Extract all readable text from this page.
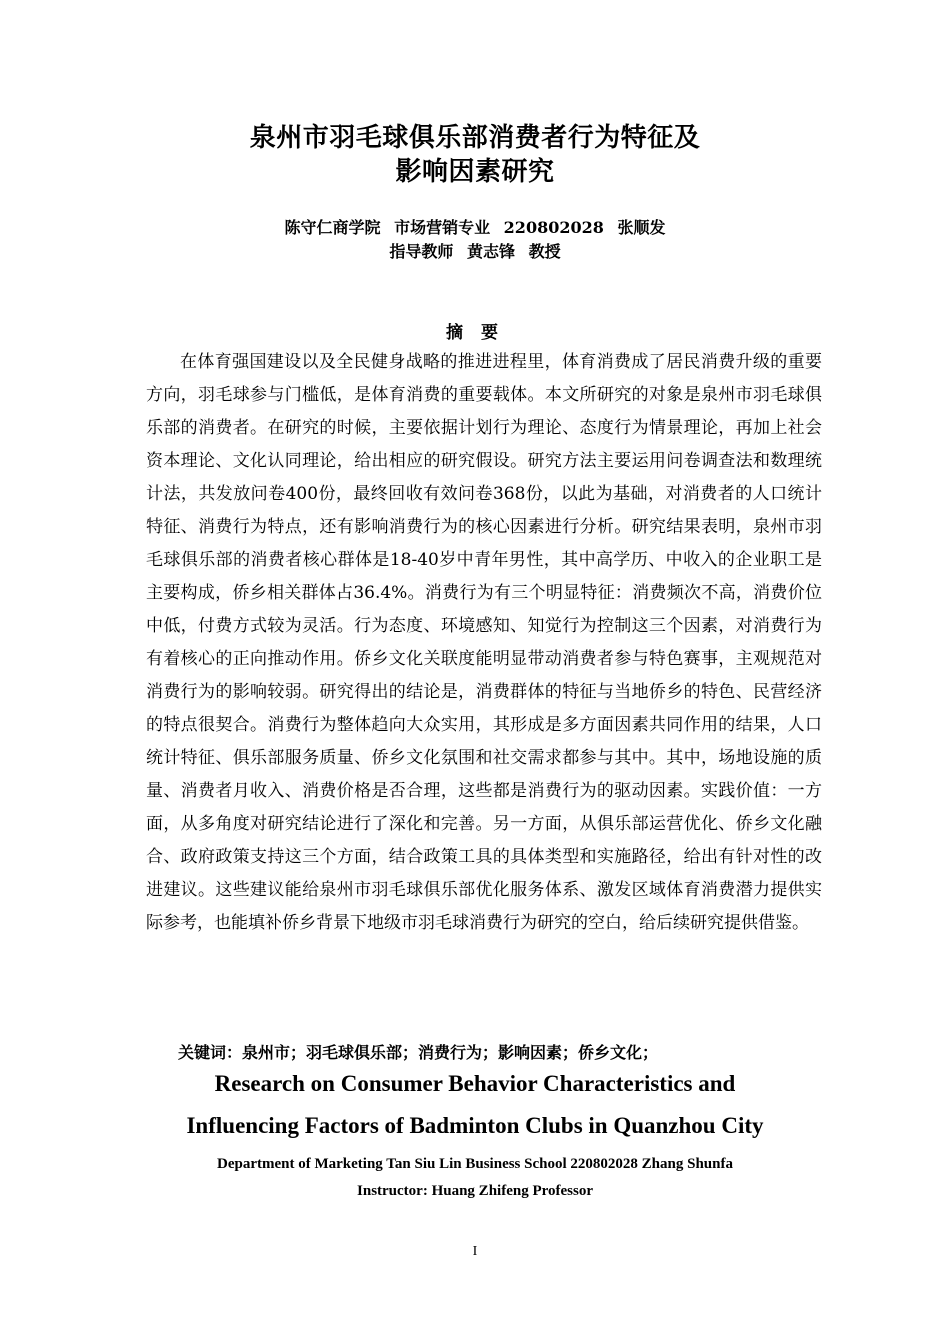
泉州市羽毛球俱乐部消费者行为特征及
影响因素研究
陈守仁商学院 市场营销专业 220802028 张顺发
指导教师 黄志锋 教授
摘 要

在体育强国建设以及全民健身战略的推进进程里，体育消费成了居民消费升级的重要方向，羽毛球参与门槛低，是体育消费的重要载体。本文所研究的对象是泉州市羽毛球俱乐部的消费者。在研究的时候，主要依据计划行为理论、态度行为情景理论，再加上社会资本理论、文化认同理论，给出相应的研究假设。研究方法主要运用问卷调查法和数理统计法，共发放问卷400份，最终回收有效问卷368份，以此为基础，对消费者的人口统计特征、消费行为特点，还有影响消费行为的核心因素进行分析。研究结果表明，泉州市羽毛球俱乐部的消费者核心群体是18-40岁中青年男性，其中高学历、中收入的企业职工是主要构成，侨乡相关群体占36.4%。消费行为有三个明显特征：消费频次不高，消费价位中低，付费方式较为灵活。行为态度、环境感知、知觉行为控制这三个因素，对消费行为有着核心的正向推动作用。侨乡文化关联度能明显带动消费者参与特色赛事，主观规范对消费行为的影响较弱。研究得出的结论是，消费群体的特征与当地侨乡的特色、民营经济的特点很契合。消费行为整体趋向大众实用，其形成是多方面因素共同作用的结果，人口统计特征、俱乐部服务质量、侨乡文化氛围和社交需求都参与其中。其中，场地设施的质量、消费者月收入、消费价格是否合理，这些都是消费行为的驱动因素。实践价值：一方面，从多角度对研究结论进行了深化和完善。另一方面，从俱乐部运营优化、侨乡文化融合、政府政策支持这三个方面，结合政策工具的具体类型和实施路径，给出有针对性的改进建议。这些建议能给泉州市羽毛球俱乐部优化服务体系、激发区域体育消费潜力提供实际参考，也能填补侨乡背景下地级市羽毛球消费行为研究的空白，给后续研究提供借鉴。

关键词：泉州市；羽毛球俱乐部；消费行为；影响因素；侨乡文化；
Research on Consumer Behavior Characteristics and
Influencing Factors of Badminton Clubs in Quanzhou City
Department of Marketing Tan Siu Lin Business School 220802028 Zhang Shunfa
Instructor: Huang Zhifeng Professor
I
